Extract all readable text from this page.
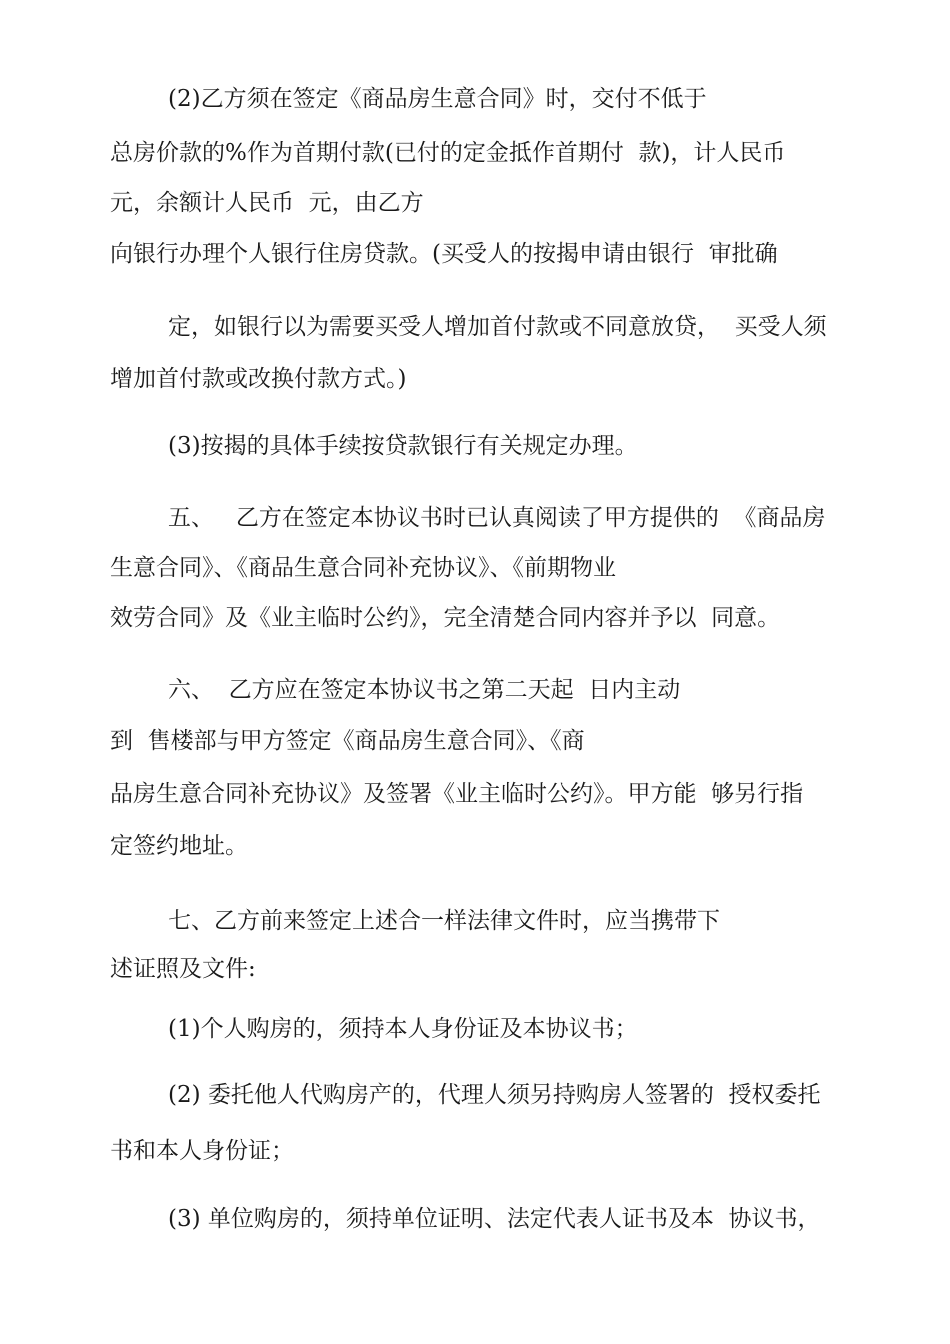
(2)乙方须在签定《商品房生意合同》时，交付不低于
总房价款的%作为首期付款(已付的定金抵作首期付  款)，计人民币
元，余额计人民币  元，由乙方
向银行办理个人银行住房贷款。(买受人的按揭申请由银行  审批确
定，如银行以为需要买受人增加首付款或不同意放贷，  买受人须
增加首付款或改换付款方式。)
(3)按揭的具体手续按贷款银行有关规定办理。
五、   乙方在签定本协议书时已认真阅读了甲方提供的  《商品房
生意合同》、《商品生意合同补充协议》、《前期物业
效劳合同》及《业主临时公约》，完全清楚合同内容并予以  同意。
六、  乙方应在签定本协议书之第二天起  日内主动
到  售楼部与甲方签定《商品房生意合同》、《商
品房生意合同补充协议》及签署《业主临时公约》。甲方能  够另行指
定签约地址。
七、乙方前来签定上述合一样法律文件时，应当携带下
述证照及文件:
(1)个人购房的，须持本人身份证及本协议书；
(2) 委托他人代购房产的，代理人须另持购房人签署的  授权委托
书和本人身份证；
(3) 单位购房的，须持单位证明、法定代表人证书及本  协议书，
